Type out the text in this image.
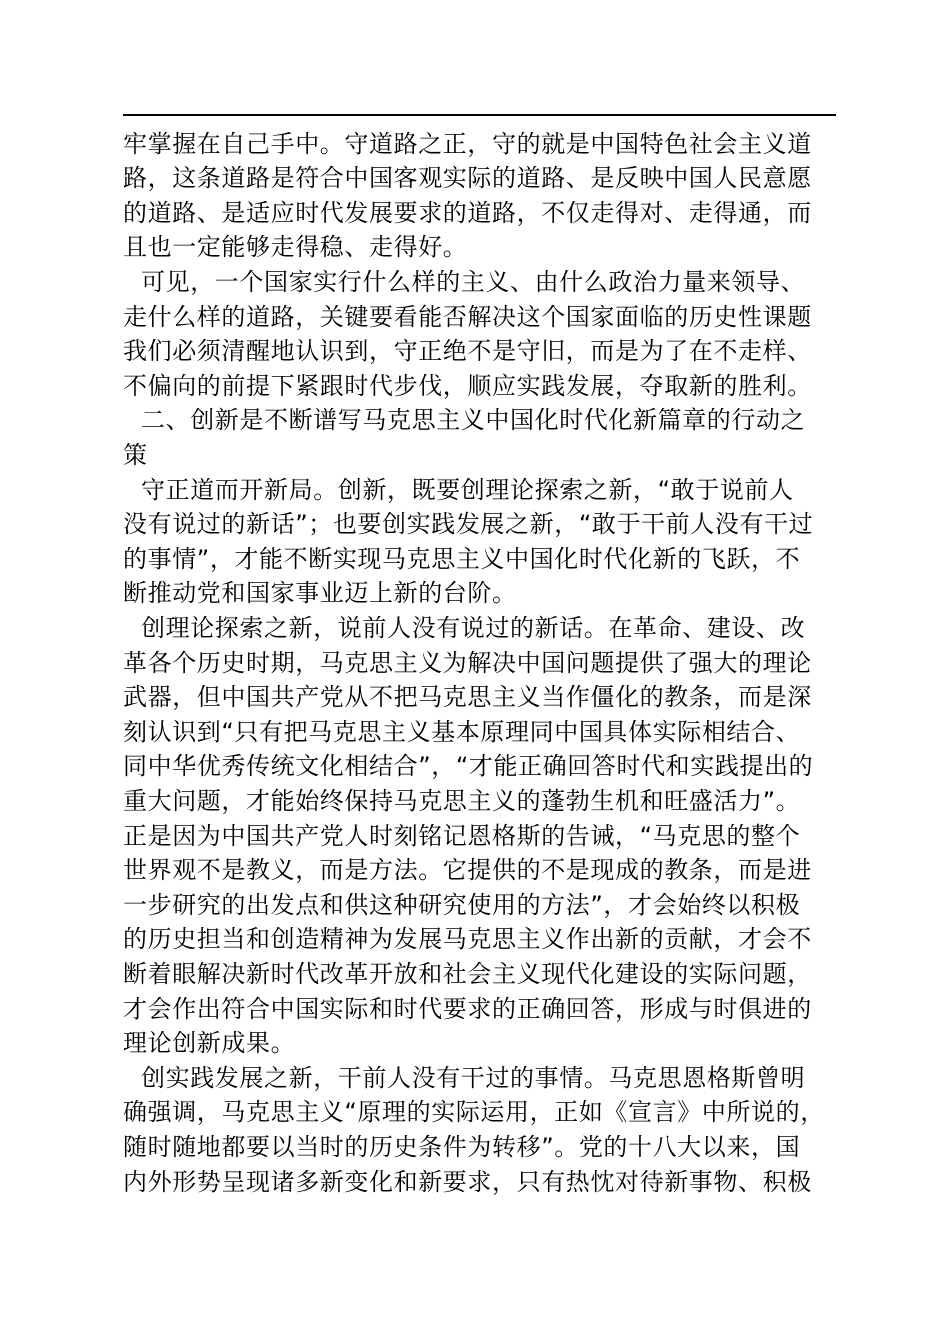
牢掌握在自己手中。守道路之正，守的就是中国特色社会主义道
路，这条道路是符合中国客观实际的道路、是反映中国人民意愿
的道路、是适应时代发展要求的道路，不仅走得对、走得通，而
且也一定能够走得稳、走得好。
可见，一个国家实行什么样的主义、由什么政治力量来领导、
走什么样的道路，关键要看能否解决这个国家面临的历史性课题
我们必须清醒地认识到，守正绝不是守旧，而是为了在不走样、
不偏向的前提下紧跟时代步伐，顺应实践发展，夺取新的胜利。
二、创新是不断谱写马克思主义中国化时代化新篇章的行动之
策
守正道而开新局。创新，既要创理论探索之新，“敢于说前人
没有说过的新话”；也要创实践发展之新，“敢于干前人没有干过
的事情”，才能不断实现马克思主义中国化时代化新的飞跃，不
断推动党和国家事业迈上新的台阶。
创理论探索之新，说前人没有说过的新话。在革命、建设、改
革各个历史时期，马克思主义为解决中国问题提供了强大的理论
武器，但中国共产党从不把马克思主义当作僵化的教条，而是深
刻认识到“只有把马克思主义基本原理同中国具体实际相结合、
同中华优秀传统文化相结合”，“才能正确回答时代和实践提出的
重大问题，才能始终保持马克思主义的蓬勃生机和旺盛活力”。
正是因为中国共产党人时刻铭记恩格斯的告诫，“马克思的整个
世界观不是教义，而是方法。它提供的不是现成的教条，而是进
一步研究的出发点和供这种研究使用的方法”，才会始终以积极
的历史担当和创造精神为发展马克思主义作出新的贡献，才会不
断着眼解决新时代改革开放和社会主义现代化建设的实际问题，
才会作出符合中国实际和时代要求的正确回答，形成与时俱进的
理论创新成果。
创实践发展之新，干前人没有干过的事情。马克思恩格斯曾明
确强调，马克思主义“原理的实际运用，正如《宣言》中所说的，
随时随地都要以当时的历史条件为转移”。党的十八大以来，国
内外形势呈现诸多新变化和新要求，只有热忱对待新事物、积极
